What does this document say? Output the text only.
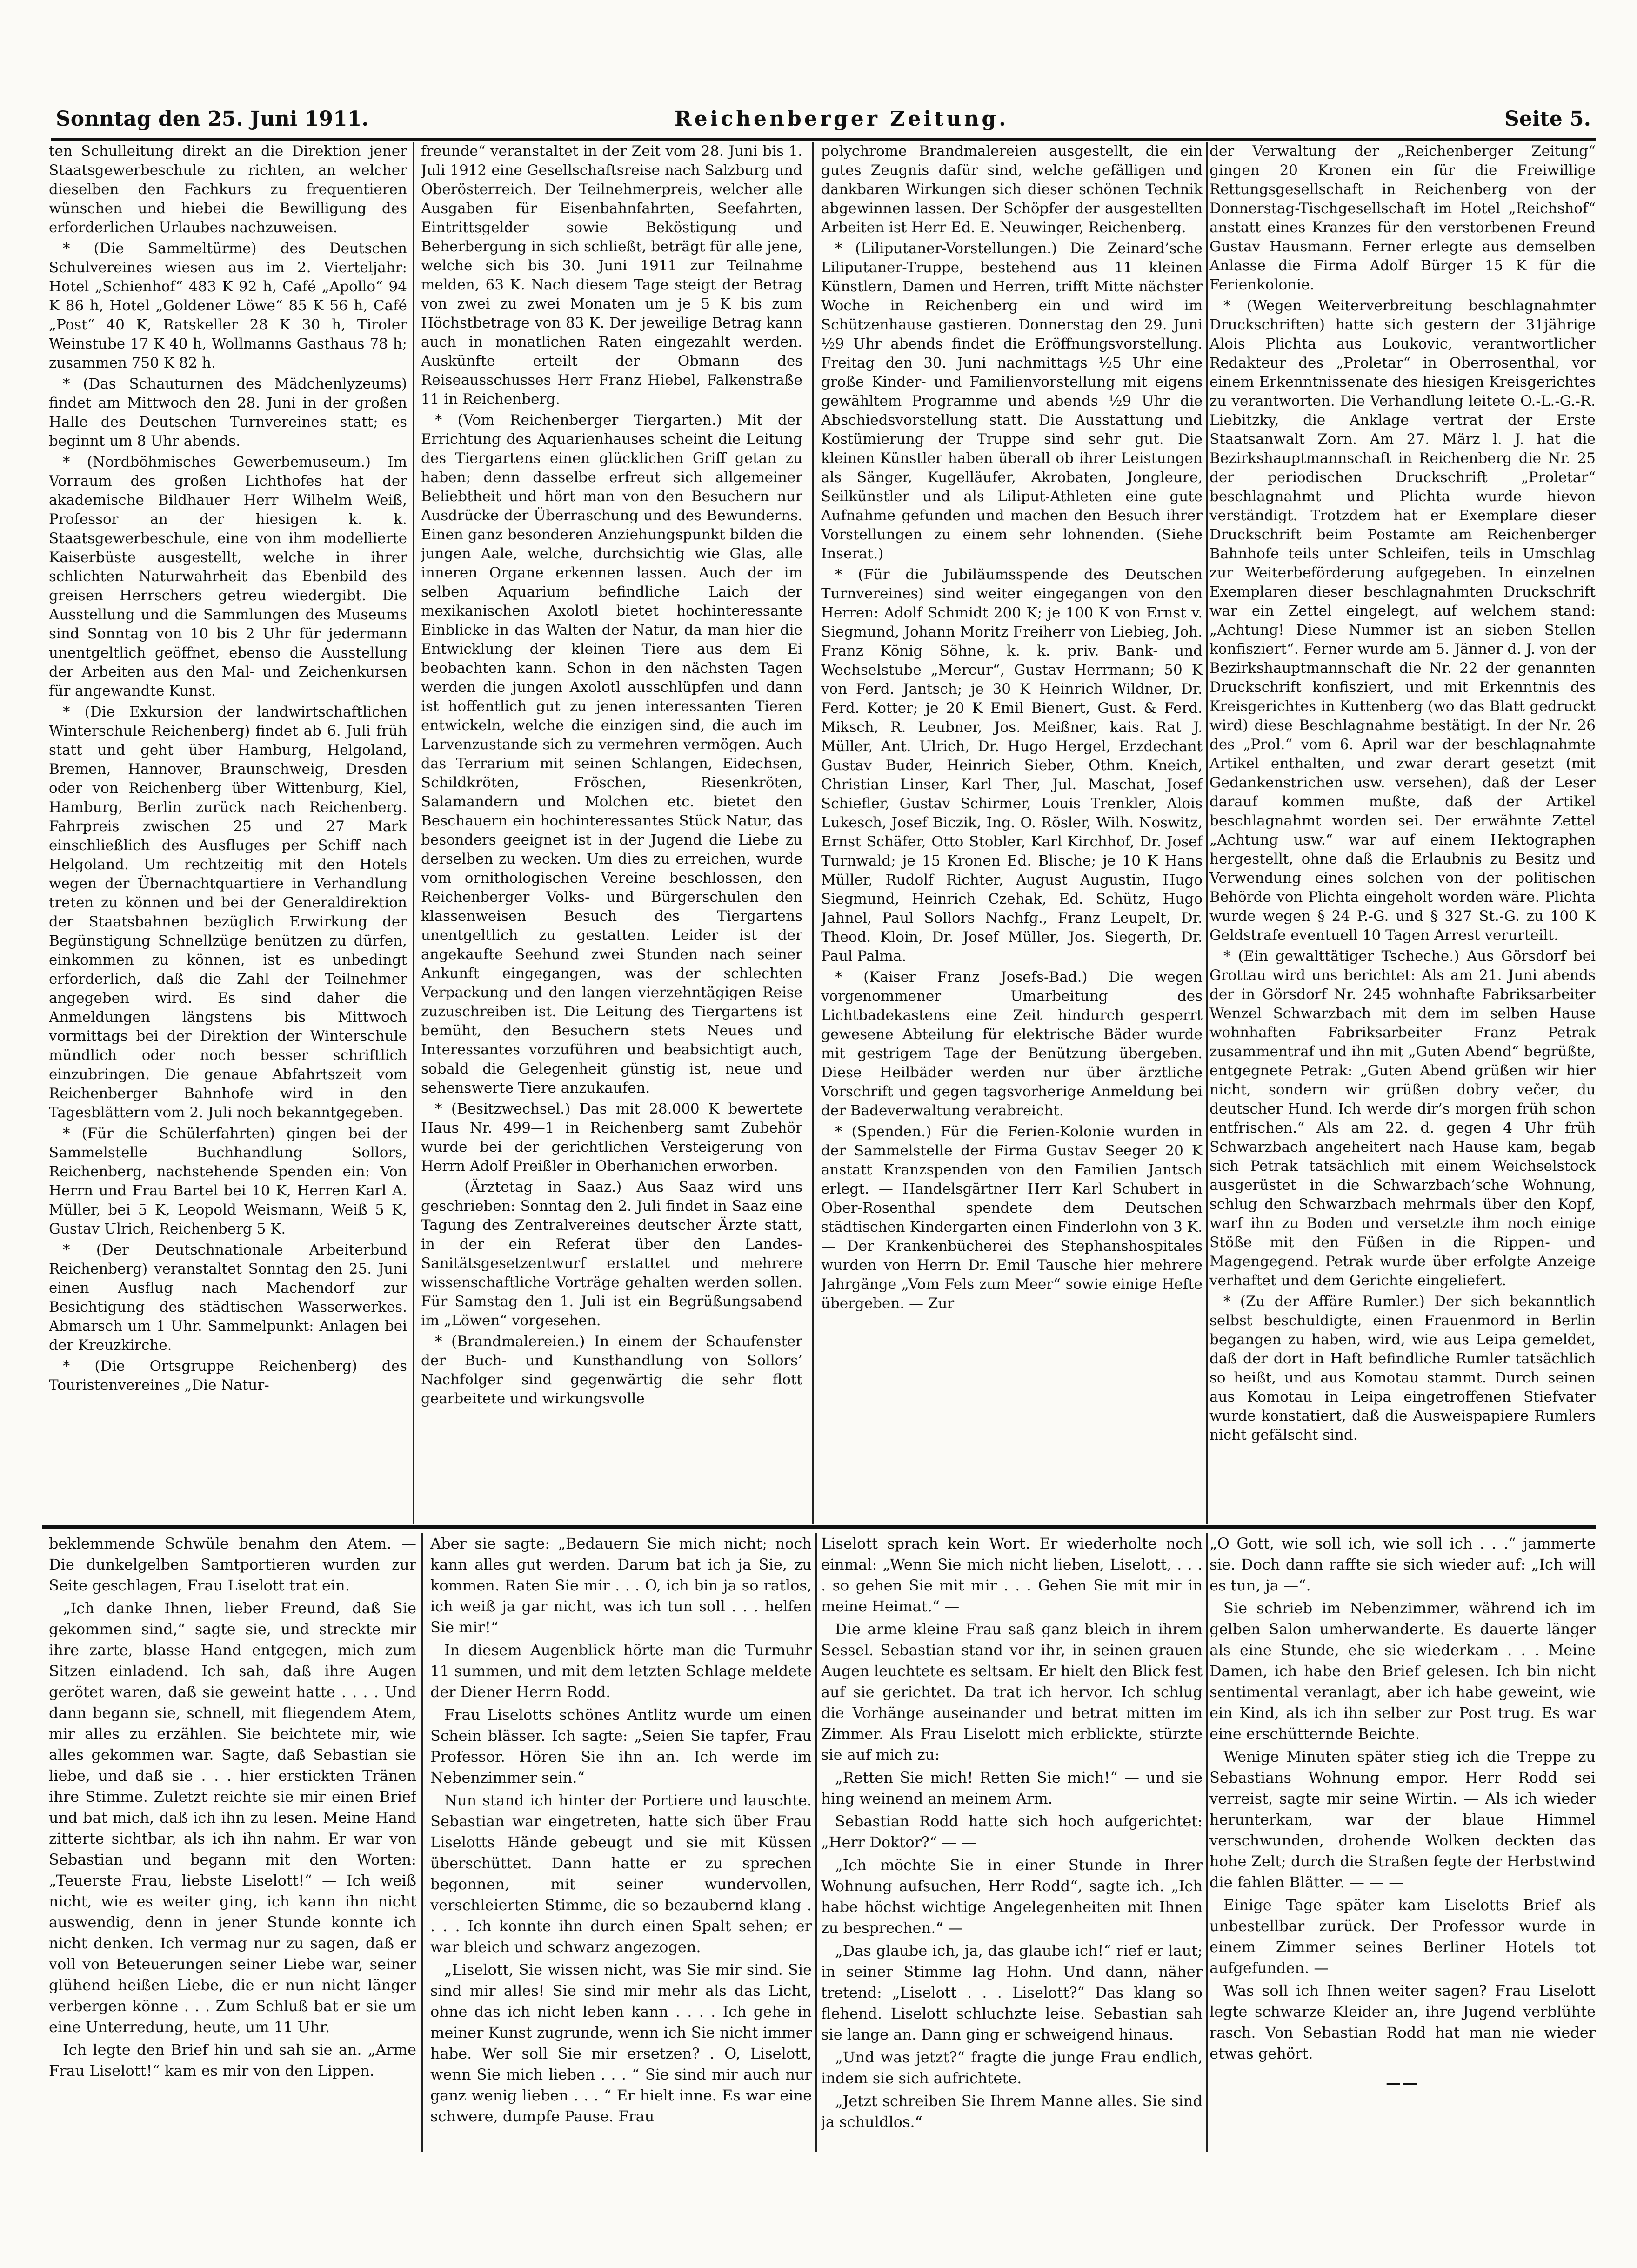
Sonntag den 25. Juni 1911.	Reichenberger Zeitung.	Seite 5.

ten Schulleitung direkt an die Direktion jener Staatsgewerbeschule zu richten, an welcher dieselben den Fachkurs zu frequentieren wünschen und hiebei die Bewilligung des erforderlichen Urlaubes nachzuweisen.

* (Die Sammeltürme) des Deutschen Schulvereines wiesen aus im 2. Vierteljahr: Hotel „Schienhof“ 483 K 92 h, Café „Apollo“ 94 K 86 h, Hotel „Goldener Löwe“ 85 K 56 h, Café „Post“ 40 K, Ratskeller 28 K 30 h, Tiroler Weinstube 17 K 40 h, Wollmanns Gasthaus 78 h; zusammen 750 K 82 h.

* (Das Schauturnen des Mädchenlyzeums) findet am Mittwoch den 28. Juni in der großen Halle des Deutschen Turnvereines statt; es beginnt um 8 Uhr abends.

* (Nordböhmisches Gewerbemuseum.) Im Vorraum des großen Lichthofes hat der akademische Bildhauer Herr Wilhelm Weiß, Professor an der hiesigen k. k. Staatsgewerbeschule, eine von ihm modellierte Kaiserbüste ausgestellt, welche in ihrer schlichten Naturwahrheit das Ebenbild des greisen Herrschers getreu wiedergibt. Die Ausstellung und die Sammlungen des Museums sind Sonntag von 10 bis 2 Uhr für jedermann unentgeltlich geöffnet, ebenso die Ausstellung der Arbeiten aus den Mal- und Zeichenkursen für angewandte Kunst.

* (Die Exkursion der landwirtschaftlichen Winterschule Reichenberg) findet ab 6. Juli früh statt und geht über Hamburg, Helgoland, Bremen, Hannover, Braunschweig, Dresden oder von Reichenberg über Wittenburg, Kiel, Hamburg, Berlin zurück nach Reichenberg. Fahrpreis zwischen 25 und 27 Mark einschließlich des Ausfluges per Schiff nach Helgoland. Um rechtzeitig mit den Hotels wegen der Übernachtquartiere in Verhandlung treten zu können und bei der Generaldirektion der Staatsbahnen bezüglich Erwirkung der Begünstigung Schnellzüge benützen zu dürfen, einkommen zu können, ist es unbedingt erforderlich, daß die Zahl der Teilnehmer angegeben wird. Es sind daher die Anmeldungen längstens bis Mittwoch vormittags bei der Direktion der Winterschule mündlich oder noch besser schriftlich einzubringen. Die genaue Abfahrtszeit vom Reichenberger Bahnhofe wird in den Tagesblättern vom 2. Juli noch bekanntgegeben.

* (Für die Schülerfahrten) gingen bei der Sammelstelle Buchhandlung Sollors, Reichenberg, nachstehende Spenden ein: Von Herrn und Frau Bartel bei 10 K, Herren Karl A. Müller, bei 5 K, Leopold Weismann, Weiß 5 K, Gustav Ulrich, Reichenberg 5 K.

* (Der Deutschnationale Arbeiterbund Reichenberg) veranstaltet Sonntag den 25. Juni einen Ausflug nach Machendorf zur Besichtigung des städtischen Wasserwerkes. Abmarsch um 1 Uhr. Sammelpunkt: Anlagen bei der Kreuzkirche.

* (Die Ortsgruppe Reichenberg) des Touristenvereines „Die Natur-

freunde“ veranstaltet in der Zeit vom 28. Juni bis 1. Juli 1912 eine Gesellschaftsreise nach Salzburg und Oberösterreich. Der Teilnehmerpreis, welcher alle Ausgaben für Eisenbahnfahrten, Seefahrten, Eintrittsgelder sowie Beköstigung und Beherbergung in sich schließt, beträgt für alle jene, welche sich bis 30. Juni 1911 zur Teilnahme melden, 63 K. Nach diesem Tage steigt der Betrag von zwei zu zwei Monaten um je 5 K bis zum Höchstbetrage von 83 K. Der jeweilige Betrag kann auch in monatlichen Raten eingezahlt werden. Auskünfte erteilt der Obmann des Reiseausschusses Herr Franz Hiebel, Falkenstraße 11 in Reichenberg.

* (Vom Reichenberger Tiergarten.) Mit der Errichtung des Aquarienhauses scheint die Leitung des Tiergartens einen glücklichen Griff getan zu haben; denn dasselbe erfreut sich allgemeiner Beliebtheit und hört man von den Besuchern nur Ausdrücke der Überraschung und des Bewunderns. Einen ganz besonderen Anziehungspunkt bilden die jungen Aale, welche, durchsichtig wie Glas, alle inneren Organe erkennen lassen. Auch der im selben Aquarium befindliche Laich der mexikanischen Axolotl bietet hochinteressante Einblicke in das Walten der Natur, da man hier die Entwicklung der kleinen Tiere aus dem Ei beobachten kann. Schon in den nächsten Tagen werden die jungen Axolotl ausschlüpfen und dann ist hoffentlich gut zu jenen interessanten Tieren entwickeln, welche die einzigen sind, die auch im Larvenzustande sich zu vermehren vermögen. Auch das Terrarium mit seinen Schlangen, Eidechsen, Schildkröten, Fröschen, Riesenkröten, Salamandern und Molchen etc. bietet den Beschauern ein hochinteressantes Stück Natur, das besonders geeignet ist in der Jugend die Liebe zu derselben zu wecken. Um dies zu erreichen, wurde vom ornithologischen Vereine beschlossen, den Reichenberger Volks- und Bürgerschulen den klassenweisen Besuch des Tiergartens unentgeltlich zu gestatten. Leider ist der angekaufte Seehund zwei Stunden nach seiner Ankunft eingegangen, was der schlechten Verpackung und den langen vierzehntägigen Reise zuzuschreiben ist. Die Leitung des Tiergartens ist bemüht, den Besuchern stets Neues und Interessantes vorzuführen und beabsichtigt auch, sobald die Gelegenheit günstig ist, neue und sehenswerte Tiere anzukaufen.

* (Besitzwechsel.) Das mit 28.000 K bewertete Haus Nr. 499—1 in Reichenberg samt Zubehör wurde bei der gerichtlichen Versteigerung von Herrn Adolf Preißler in Oberhanichen erworben.

— (Ärztetag in Saaz.) Aus Saaz wird uns geschrieben: Sonntag den 2. Juli findet in Saaz eine Tagung des Zentralvereines deutscher Ärzte statt, in der ein Referat über den Landes-Sanitätsgesetzentwurf erstattet und mehrere wissenschaftliche Vorträge gehalten werden sollen. Für Samstag den 1. Juli ist ein Begrüßungsabend im „Löwen“ vorgesehen.

* (Brandmalereien.) In einem der Schaufenster der Buch- und Kunsthandlung von Sollors’ Nachfolger sind gegenwärtig die sehr flott gearbeitete und wirkungsvolle

polychrome Brandmalereien ausgestellt, die ein gutes Zeugnis dafür sind, welche gefälligen und dankbaren Wirkungen sich dieser schönen Technik abgewinnen lassen. Der Schöpfer der ausgestellten Arbeiten ist Herr Ed. E. Neuwinger, Reichenberg.

* (Liliputaner-Vorstellungen.) Die Zeinard’sche Liliputaner-Truppe, bestehend aus 11 kleinen Künstlern, Damen und Herren, trifft Mitte nächster Woche in Reichenberg ein und wird im Schützenhause gastieren. Donnerstag den 29. Juni ½9 Uhr abends findet die Eröffnungsvorstellung. Freitag den 30. Juni nachmittags ½5 Uhr eine große Kinder- und Familienvorstellung mit eigens gewähltem Programme und abends ½9 Uhr die Abschiedsvorstellung statt. Die Ausstattung und Kostümierung der Truppe sind sehr gut. Die kleinen Künstler haben überall ob ihrer Leistungen als Sänger, Kugelläufer, Akrobaten, Jongleure, Seilkünstler und als Liliput-Athleten eine gute Aufnahme gefunden und machen den Besuch ihrer Vorstellungen zu einem sehr lohnenden. (Siehe Inserat.)

* (Für die Jubiläumsspende des Deutschen Turnvereines) sind weiter eingegangen von den Herren: Adolf Schmidt 200 K; je 100 K von Ernst v. Siegmund, Johann Moritz Freiherr von Liebieg, Joh. Franz König Söhne, k. k. priv. Bank- und Wechselstube „Mercur“, Gustav Herrmann; 50 K von Ferd. Jantsch; je 30 K Heinrich Wildner, Dr. Ferd. Kotter; je 20 K Emil Bienert, Gust. & Ferd. Miksch, R. Leubner, Jos. Meißner, kais. Rat J. Müller, Ant. Ulrich, Dr. Hugo Hergel, Erzdechant Gustav Buder, Heinrich Sieber, Othm. Kneich, Christian Linser, Karl Ther, Jul. Maschat, Josef Schiefler, Gustav Schirmer, Louis Trenkler, Alois Lukesch, Josef Biczik, Ing. O. Rösler, Wilh. Noswitz, Ernst Schäfer, Otto Stobler, Karl Kirchhof, Dr. Josef Turnwald; je 15 Kronen Ed. Blische; je 10 K Hans Müller, Rudolf Richter, August Augustin, Hugo Siegmund, Heinrich Czehak, Ed. Schütz, Hugo Jahnel, Paul Sollors Nachfg., Franz Leupelt, Dr. Theod. Kloin, Dr. Josef Müller, Jos. Siegerth, Dr. Paul Palma.

* (Kaiser Franz Josefs-Bad.) Die wegen vorgenommener Umarbeitung des Lichtbadekastens eine Zeit hindurch gesperrt gewesene Abteilung für elektrische Bäder wurde mit gestrigem Tage der Benützung übergeben. Diese Heilbäder werden nur über ärztliche Vorschrift und gegen tagsvorherige Anmeldung bei der Badeverwaltung verabreicht.

* (Spenden.) Für die Ferien-Kolonie wurden in der Sammelstelle der Firma Gustav Seeger 20 K anstatt Kranzspenden von den Familien Jantsch erlegt. — Handelsgärtner Herr Karl Schubert in Ober-Rosenthal spendete dem Deutschen städtischen Kindergarten einen Finderlohn von 3 K. — Der Krankenbücherei des Stephanshospitales wurden von Herrn Dr. Emil Tausche hier mehrere Jahrgänge „Vom Fels zum Meer“ sowie einige Hefte übergeben. — Zur

der Verwaltung der „Reichenberger Zeitung“ gingen 20 Kronen ein für die Freiwillige Rettungsgesellschaft in Reichenberg von der Donnerstag-Tischgesellschaft im Hotel „Reichshof“ anstatt eines Kranzes für den verstorbenen Freund Gustav Hausmann. Ferner erlegte aus demselben Anlasse die Firma Adolf Bürger 15 K für die Ferienkolonie.

* (Wegen Weiterverbreitung beschlagnahmter Druckschriften) hatte sich gestern der 31jährige Alois Plichta aus Loukovic, verantwortlicher Redakteur des „Proletar“ in Oberrosenthal, vor einem Erkenntnissenate des hiesigen Kreisgerichtes zu verantworten. Die Verhandlung leitete O.-L.-G.-R. Liebitzky, die Anklage vertrat der Erste Staatsanwalt Zorn. Am 27. März l. J. hat die Bezirkshauptmannschaft in Reichenberg die Nr. 25 der periodischen Druckschrift „Proletar“ beschlagnahmt und Plichta wurde hievon verständigt. Trotzdem hat er Exemplare dieser Druckschrift beim Postamte am Reichenberger Bahnhofe teils unter Schleifen, teils in Umschlag zur Weiterbeförderung aufgegeben. In einzelnen Exemplaren dieser beschlagnahmten Druckschrift war ein Zettel eingelegt, auf welchem stand: „Achtung! Diese Nummer ist an sieben Stellen konfisziert“. Ferner wurde am 5. Jänner d. J. von der Bezirkshauptmannschaft die Nr. 22 der genannten Druckschrift konfisziert, und mit Erkenntnis des Kreisgerichtes in Kuttenberg (wo das Blatt gedruckt wird) diese Beschlagnahme bestätigt. In der Nr. 26 des „Prol.“ vom 6. April war der beschlagnahmte Artikel enthalten, und zwar derart gesetzt (mit Gedankenstrichen usw. versehen), daß der Leser darauf kommen mußte, daß der Artikel beschlagnahmt worden sei. Der erwähnte Zettel „Achtung usw.“ war auf einem Hektographen hergestellt, ohne daß die Erlaubnis zu Besitz und Verwendung eines solchen von der politischen Behörde von Plichta eingeholt worden wäre. Plichta wurde wegen § 24 P.-G. und § 327 St.-G. zu 100 K Geldstrafe eventuell 10 Tagen Arrest verurteilt.

* (Ein gewalttätiger Tscheche.) Aus Görsdorf bei Grottau wird uns berichtet: Als am 21. Juni abends der in Görsdorf Nr. 245 wohnhafte Fabriksarbeiter Wenzel Schwarzbach mit dem im selben Hause wohnhaften Fabriksarbeiter Franz Petrak zusammentraf und ihn mit „Guten Abend“ begrüßte, entgegnete Petrak: „Guten Abend grüßen wir hier nicht, sondern wir grüßen dobry večer, du deutscher Hund. Ich werde dir’s morgen früh schon entfrischen.“ Als am 22. d. gegen 4 Uhr früh Schwarzbach angeheitert nach Hause kam, begab sich Petrak tatsächlich mit einem Weichselstock ausgerüstet in die Schwarzbach’sche Wohnung, schlug den Schwarzbach mehrmals über den Kopf, warf ihn zu Boden und versetzte ihm noch einige Stöße mit den Füßen in die Rippen- und Magengegend. Petrak wurde über erfolgte Anzeige verhaftet und dem Gerichte eingeliefert.

* (Zu der Affäre Rumler.) Der sich bekanntlich selbst beschuldigte, einen Frauenmord in Berlin begangen zu haben, wird, wie aus Leipa gemeldet, daß der dort in Haft befindliche Rumler tatsächlich so heißt, und aus Komotau stammt. Durch seinen aus Komotau in Leipa eingetroffenen Stiefvater wurde konstatiert, daß die Ausweispapiere Rumlers nicht gefälscht sind.

beklemmende Schwüle benahm den Atem. — Die dunkelgelben Samtportieren wurden zur Seite geschlagen, Frau Liselott trat ein.

„Ich danke Ihnen, lieber Freund, daß Sie gekommen sind,“ sagte sie, und streckte mir ihre zarte, blasse Hand entgegen, mich zum Sitzen einladend. Ich sah, daß ihre Augen gerötet waren, daß sie geweint hatte . . . . Und dann begann sie, schnell, mit fliegendem Atem, mir alles zu erzählen. Sie beichtete mir, wie alles gekommen war. Sagte, daß Sebastian sie liebe, und daß sie . . . hier erstickten Tränen ihre Stimme. Zuletzt reichte sie mir einen Brief und bat mich, daß ich ihn zu lesen. Meine Hand zitterte sichtbar, als ich ihn nahm. Er war von Sebastian und begann mit den Worten: „Teuerste Frau, liebste Liselott!“ — Ich weiß nicht, wie es weiter ging, ich kann ihn nicht auswendig, denn in jener Stunde konnte ich nicht denken. Ich vermag nur zu sagen, daß er voll von Beteuerungen seiner Liebe war, seiner glühend heißen Liebe, die er nun nicht länger verbergen könne . . . Zum Schluß bat er sie um eine Unterredung, heute, um 11 Uhr.

Ich legte den Brief hin und sah sie an. „Arme Frau Liselott!“ kam es mir von den Lippen.

Aber sie sagte: „Bedauern Sie mich nicht; noch kann alles gut werden. Darum bat ich ja Sie, zu kommen. Raten Sie mir . . . O, ich bin ja so ratlos, ich weiß ja gar nicht, was ich tun soll . . . helfen Sie mir!“

In diesem Augenblick hörte man die Turmuhr 11 summen, und mit dem letzten Schlage meldete der Diener Herrn Rodd.

Frau Liselotts schönes Antlitz wurde um einen Schein blässer. Ich sagte: „Seien Sie tapfer, Frau Professor. Hören Sie ihn an. Ich werde im Nebenzimmer sein.“

Nun stand ich hinter der Portiere und lauschte. Sebastian war eingetreten, hatte sich über Frau Liselotts Hände gebeugt und sie mit Küssen überschüttet. Dann hatte er zu sprechen begonnen, mit seiner wundervollen, verschleierten Stimme, die so bezaubernd klang . . . . Ich konnte ihn durch einen Spalt sehen; er war bleich und schwarz angezogen.

„Liselott, Sie wissen nicht, was Sie mir sind. Sie sind mir alles! Sie sind mir mehr als das Licht, ohne das ich nicht leben kann . . . . Ich gehe in meiner Kunst zugrunde, wenn ich Sie nicht immer habe. Wer soll Sie mir ersetzen? . O, Liselott, wenn Sie mich lieben . . . “ Sie sind mir auch nur ganz wenig lieben . . . “ Er hielt inne. Es war eine schwere, dumpfe Pause. Frau

Liselott sprach kein Wort. Er wiederholte noch einmal: „Wenn Sie mich nicht lieben, Liselott, . . . . so gehen Sie mit mir . . . Gehen Sie mit mir in meine Heimat.“ —

Die arme kleine Frau saß ganz bleich in ihrem Sessel. Sebastian stand vor ihr, in seinen grauen Augen leuchtete es seltsam. Er hielt den Blick fest auf sie gerichtet. Da trat ich hervor. Ich schlug die Vorhänge auseinander und betrat mitten im Zimmer. Als Frau Liselott mich erblickte, stürzte sie auf mich zu:

„Retten Sie mich! Retten Sie mich!“ — und sie hing weinend an meinem Arm.

Sebastian Rodd hatte sich hoch aufgerichtet: „Herr Doktor?“ — —

„Ich möchte Sie in einer Stunde in Ihrer Wohnung aufsuchen, Herr Rodd“, sagte ich. „Ich habe höchst wichtige Angelegenheiten mit Ihnen zu besprechen.“ —

„Das glaube ich, ja, das glaube ich!“ rief er laut; in seiner Stimme lag Hohn. Und dann, näher tretend: „Liselott . . . Liselott?“ Das klang so flehend. Liselott schluchzte leise. Sebastian sah sie lange an. Dann ging er schweigend hinaus.

„Und was jetzt?“ fragte die junge Frau endlich, indem sie sich aufrichtete.

„Jetzt schreiben Sie Ihrem Manne alles. Sie sind ja schuldlos.“

„O Gott, wie soll ich, wie soll ich . . .“ jammerte sie. Doch dann raffte sie sich wieder auf: „Ich will es tun, ja —“.

Sie schrieb im Nebenzimmer, während ich im gelben Salon umherwanderte. Es dauerte länger als eine Stunde, ehe sie wiederkam . . . Meine Damen, ich habe den Brief gelesen. Ich bin nicht sentimental veranlagt, aber ich habe geweint, wie ein Kind, als ich ihn selber zur Post trug. Es war eine erschütternde Beichte.

Wenige Minuten später stieg ich die Treppe zu Sebastians Wohnung empor. Herr Rodd sei verreist, sagte mir seine Wirtin. — Als ich wieder herunterkam, war der blaue Himmel verschwunden, drohende Wolken deckten das hohe Zelt; durch die Straßen fegte der Herbstwind die fahlen Blätter. — — —

Einige Tage später kam Liselotts Brief als unbestellbar zurück. Der Professor wurde in einem Zimmer seines Berliner Hotels tot aufgefunden. —

Was soll ich Ihnen weiter sagen? Frau Liselott legte schwarze Kleider an, ihre Jugend verblühte rasch. Von Sebastian Rodd hat man nie wieder etwas gehört.

——
